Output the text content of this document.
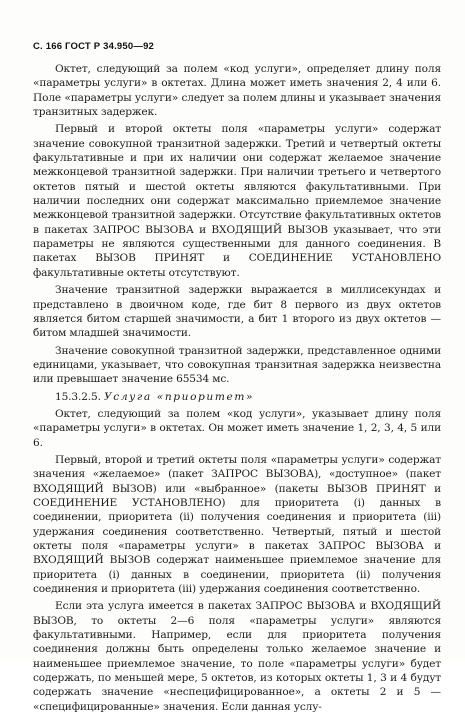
С. 166 ГОСТ Р 34.950—92

Октет, следующий за полем «код услуги», определяет длину поля «параметры услуги» в октетах. Длина может иметь значения 2, 4 или 6. Поле «параметры услуги» следует за полем длины и указывает значения транзитных задержек.

Первый и второй октеты поля «параметры услуги» содержат значение совокупной транзитной задержки. Третий и четвертый октеты факультативные и при их наличии они содержат желаемое значение межконцевой транзитной задержки. При наличии третьего и четвертого октетов пятый и шестой октеты являются факультативными. При наличии последних они содержат максимально приемлемое значение межконцевой транзитной задержки. Отсутствие факультативных октетов в пакетах ЗАПРОС ВЫЗОВА и ВХОДЯЩИЙ ВЫЗОВ указывает, что эти параметры не являются существенными для данного соединения. В пакетах ВЫЗОВ ПРИНЯТ и СОЕДИНЕНИЕ УСТАНОВЛЕНО факультативные октеты отсутствуют.

Значение транзитной задержки выражается в миллисекундах и представлено в двоичном коде, где бит 8 первого из двух октетов является битом старшей значимости, а бит 1 второго из двух октетов — битом младшей значимости.

Значение совокупной транзитной задержки, представленное одними единицами, указывает, что совокупная транзитная задержка неизвестна или превышает значение 65534 мс.

15.3.2.5. Услуга «приоритет»

Октет, следующий за полем «код услуги», указывает длину поля «параметры услуги» в октетах. Он может иметь значение 1, 2, 3, 4, 5 или 6.

Первый, второй и третий октеты поля «параметры услуги» содержат значения «желаемое» (пакет ЗАПРОС ВЫЗОВА), «доступное» (пакет ВХОДЯЩИЙ ВЫЗОВ) или «выбранное» (пакеты ВЫЗОВ ПРИНЯТ и СОЕДИНЕНИЕ УСТАНОВЛЕНО) для приоритета (i) данных в соединении, приоритета (ii) получения соединения и приоритета (iii) удержания соединения соответственно. Четвертый, пятый и шестой октеты поля «параметры услуги» в пакетах ЗАПРОС ВЫЗОВА и ВХОДЯЩИЙ ВЫЗОВ содержат наименьшее приемлемое значение для приоритета (i) данных в соединении, приоритета (ii) получения соединения и приоритета (iii) удержания соединения соответственно.

Если эта услуга имеется в пакетах ЗАПРОС ВЫЗОВА и ВХОДЯЩИЙ ВЫЗОВ, то октеты 2—6 поля «параметры услуги» являются факультативными. Например, если для приоритета получения соединения должны быть определены только желаемое значение и наименьшее приемлемое значение, то поле «параметры услуги» будет содержать, по меньшей мере, 5 октетов, из которых октеты 1, 3 и 4 будут содержать значение «неспецифицированное», а октеты 2 и 5 — «специфицированные» значения. Если данная услу-
